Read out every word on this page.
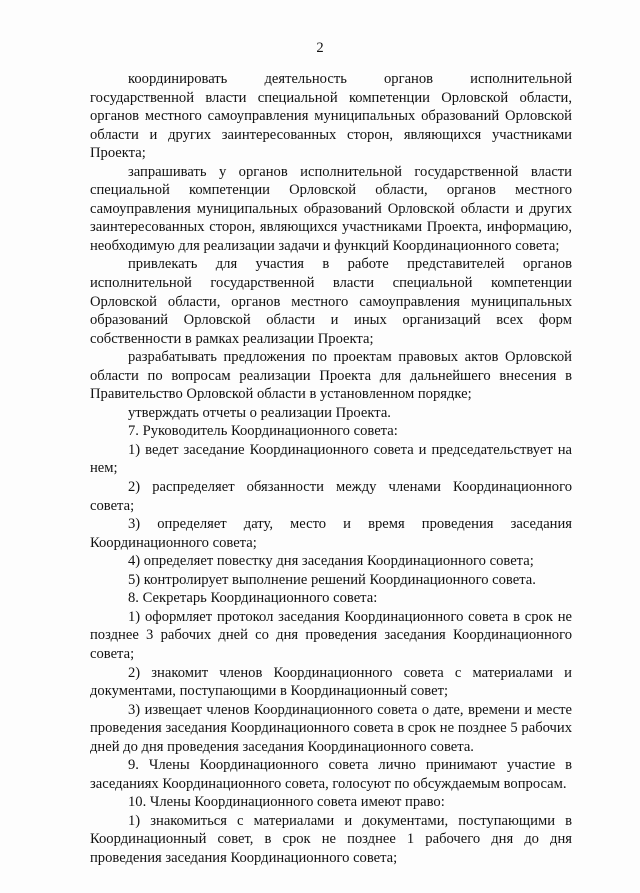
2

координировать деятельность органов исполнительной государственной власти специальной компетенции Орловской области, органов местного самоуправления муниципальных образований Орловской области и других заинтересованных сторон, являющихся участниками Проекта;

запрашивать у органов исполнительной государственной власти специальной компетенции Орловской области, органов местного самоуправления муниципальных образований Орловской области и других заинтересованных сторон, являющихся участниками Проекта, информацию, необходимую для реализации задачи и функций Координационного совета;

привлекать для участия в работе представителей органов исполнительной государственной власти специальной компетенции Орловской области, органов местного самоуправления муниципальных образований Орловской области и иных организаций всех форм собственности в рамках реализации Проекта;

разрабатывать предложения по проектам правовых актов Орловской области по вопросам реализации Проекта для дальнейшего внесения в Правительство Орловской области в установленном порядке;

утверждать отчеты о реализации Проекта.

7. Руководитель Координационного совета:

1) ведет заседание Координационного совета и председательствует на нем;

2) распределяет обязанности между членами Координационного совета;

3) определяет дату, место и время проведения заседания Координационного совета;

4) определяет повестку дня заседания Координационного совета;

5) контролирует выполнение решений Координационного совета.

8. Секретарь Координационного совета:

1) оформляет протокол заседания Координационного совета в срок не позднее 3 рабочих дней со дня проведения заседания Координационного совета;

2) знакомит членов Координационного совета с материалами и документами, поступающими в Координационный совет;

3) извещает членов Координационного совета о дате, времени и месте проведения заседания Координационного совета в срок не позднее 5 рабочих дней до дня проведения заседания Координационного совета.

9. Члены Координационного совета лично принимают участие в заседаниях Координационного совета, голосуют по обсуждаемым вопросам.

10. Члены Координационного совета имеют право:

1) знакомиться с материалами и документами, поступающими в Координационный совет, в срок не позднее 1 рабочего дня до дня проведения заседания Координационного совета;
